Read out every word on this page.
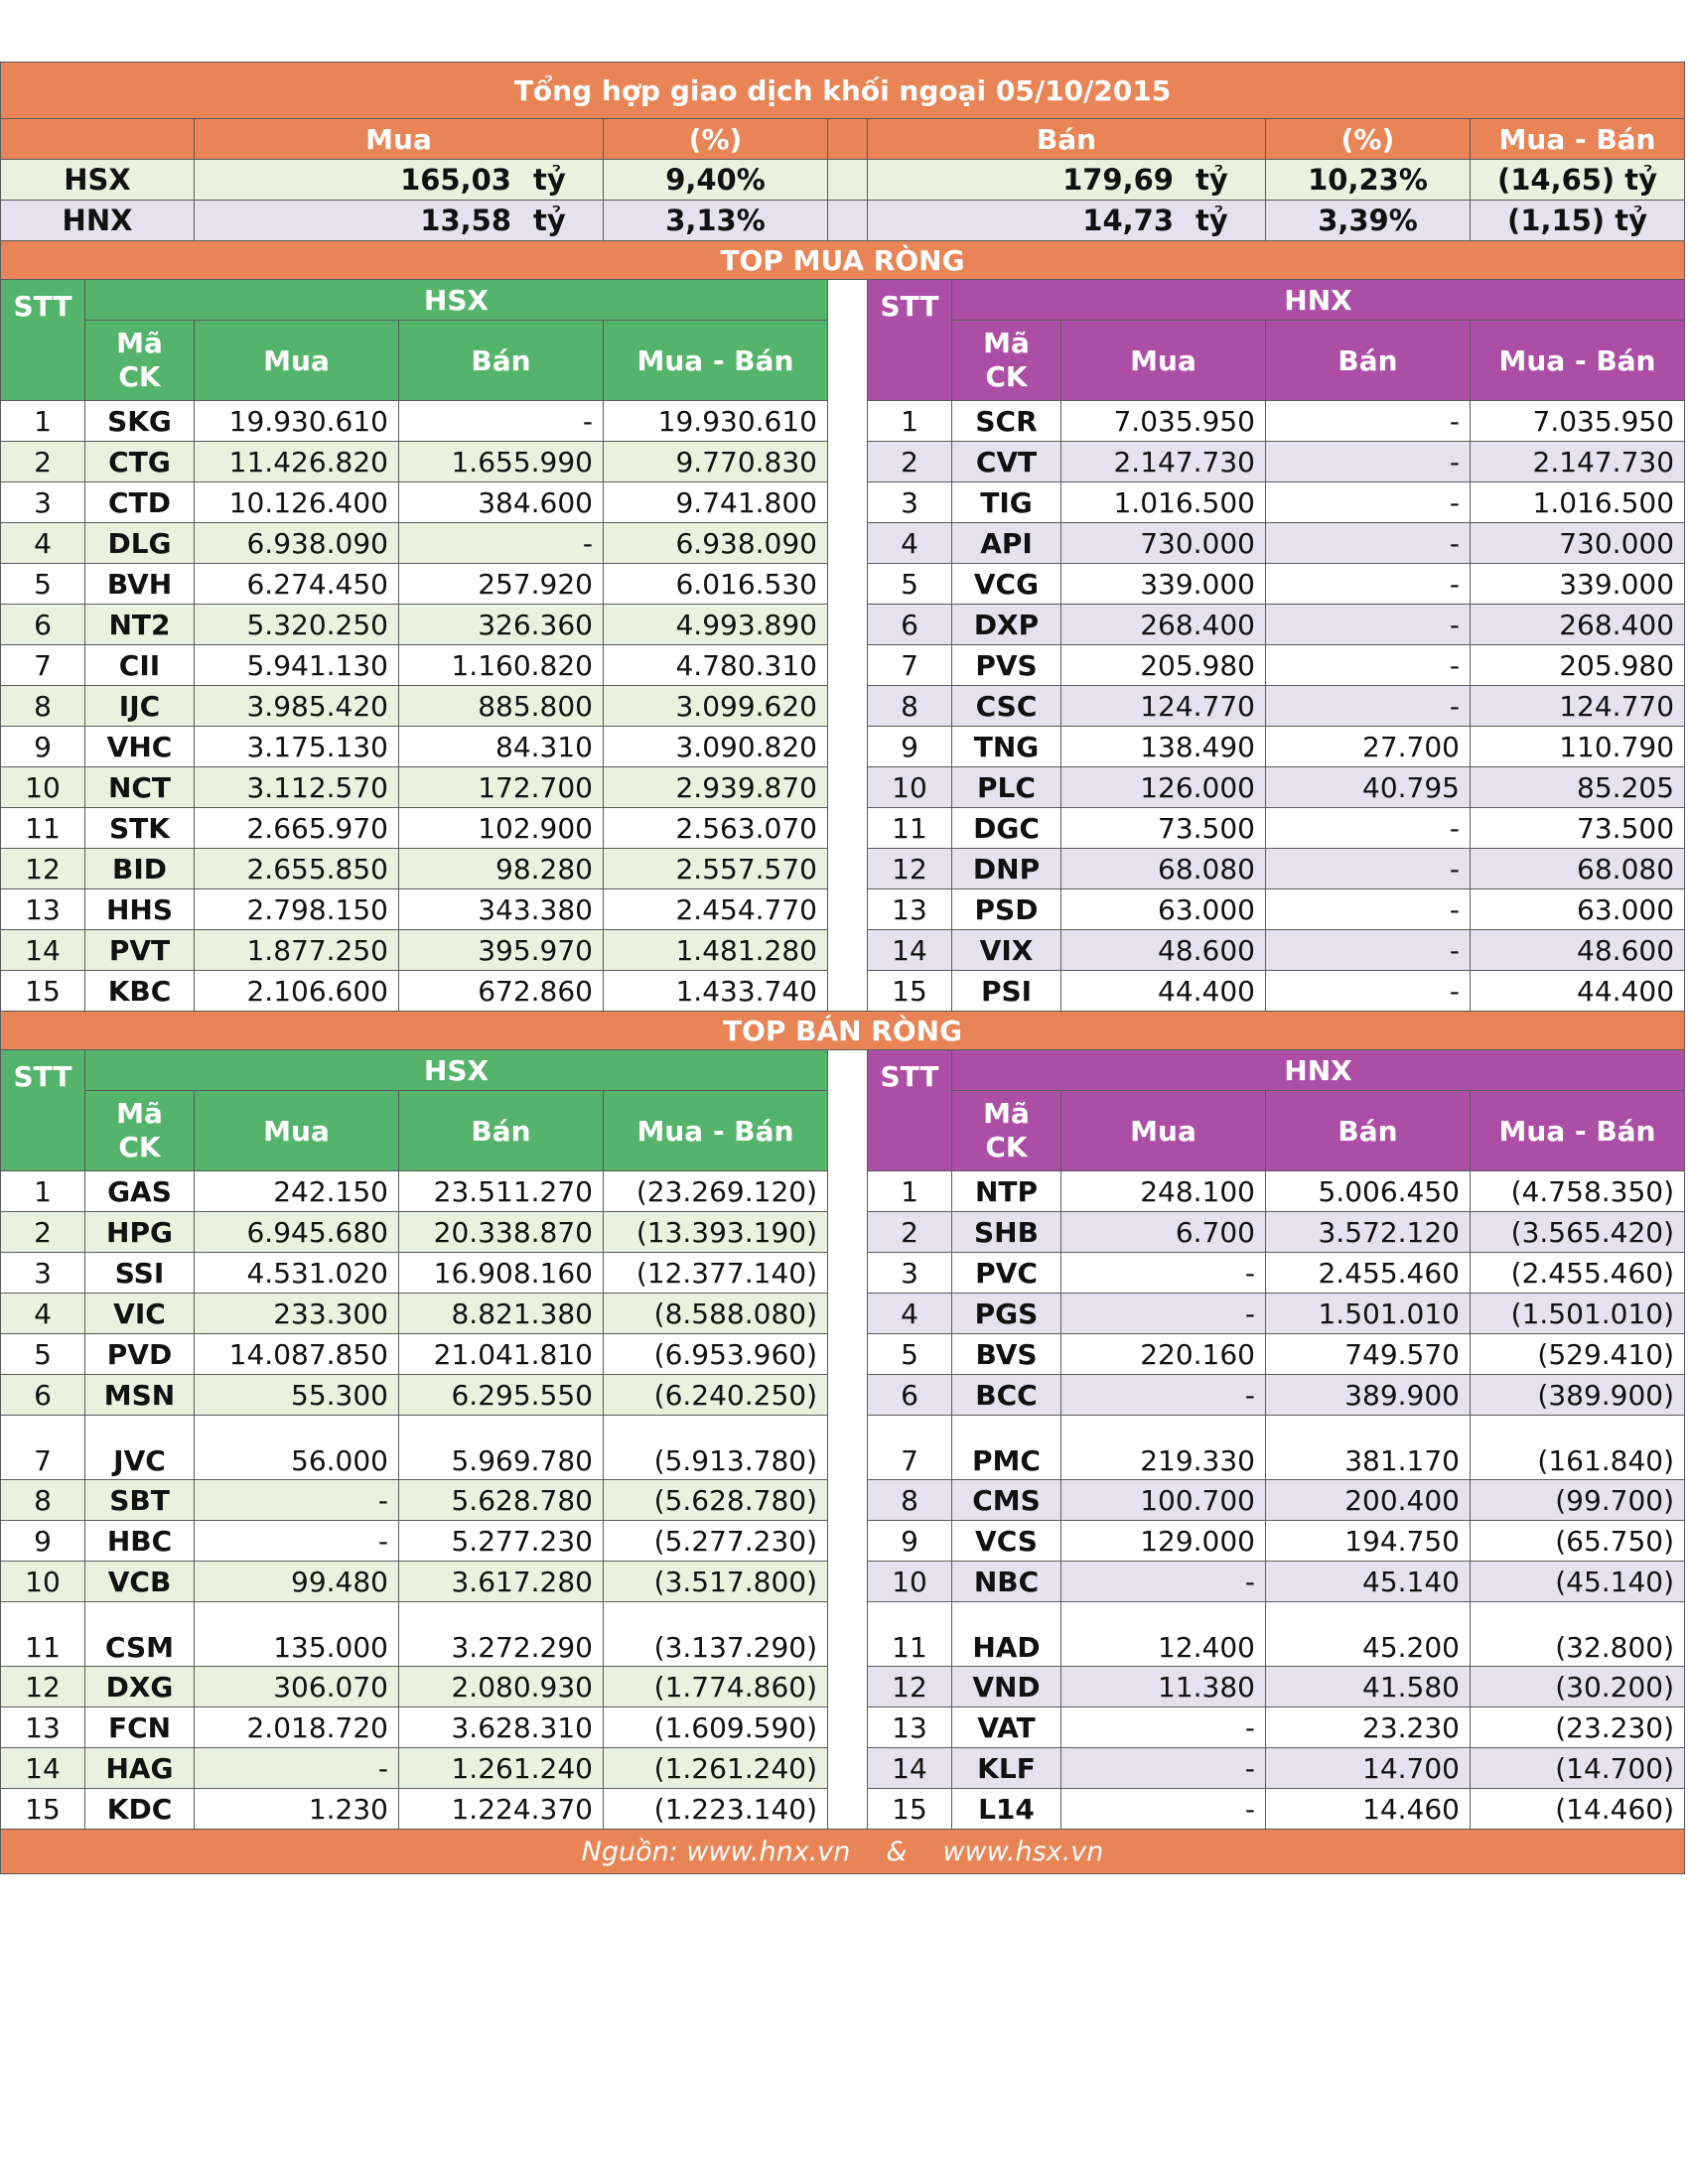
Tổng hợp giao dịch khối ngoại 05/10/2015										
		Mua		(%)		Bán			(%)	Mua - Bán
HSX		165,03 tỷ		9,40%		179,69 tỷ			10,23%	(14,65) tỷ
HNX		13,58 tỷ		3,13%		14,73 tỷ			3,39%	(1,15) tỷ
TOP MUA RÒNG										
STT	HSX					STT	HNX			
	Mã CK	Mua	Bán	Mua - Bán			Mã CK	Mua	Bán	Mua - Bán
1	SKG	19.930.610	-	19.930.610		1	SCR	7.035.950	-	7.035.950
2	CTG	11.426.820	1.655.990	9.770.830		2	CVT	2.147.730	-	2.147.730
3	CTD	10.126.400	384.600	9.741.800		3	TIG	1.016.500	-	1.016.500
4	DLG	6.938.090	-	6.938.090		4	API	730.000	-	730.000
5	BVH	6.274.450	257.920	6.016.530		5	VCG	339.000	-	339.000
6	NT2	5.320.250	326.360	4.993.890		6	DXP	268.400	-	268.400
7	CII	5.941.130	1.160.820	4.780.310		7	PVS	205.980	-	205.980
8	IJC	3.985.420	885.800	3.099.620		8	CSC	124.770	-	124.770
9	VHC	3.175.130	84.310	3.090.820		9	TNG	138.490	27.700	110.790
10	NCT	3.112.570	172.700	2.939.870		10	PLC	126.000	40.795	85.205
11	STK	2.665.970	102.900	2.563.070		11	DGC	73.500	-	73.500
12	BID	2.655.850	98.280	2.557.570		12	DNP	68.080	-	68.080
13	HHS	2.798.150	343.380	2.454.770		13	PSD	63.000	-	63.000
14	PVT	1.877.250	395.970	1.481.280		14	VIX	48.600	-	48.600
15	KBC	2.106.600	672.860	1.433.740		15	PSI	44.400	-	44.400
TOP BÁN RÒNG										
STT	HSX					STT	HNX			
	Mã CK	Mua	Bán	Mua - Bán			Mã CK	Mua	Bán	Mua - Bán
1	GAS	242.150	23.511.270	(23.269.120)		1	NTP	248.100	5.006.450	(4.758.350)
2	HPG	6.945.680	20.338.870	(13.393.190)		2	SHB	6.700	3.572.120	(3.565.420)
3	SSI	4.531.020	16.908.160	(12.377.140)		3	PVC	-	2.455.460	(2.455.460)
4	VIC	233.300	8.821.380	(8.588.080)		4	PGS	-	1.501.010	(1.501.010)
5	PVD	14.087.850	21.041.810	(6.953.960)		5	BVS	220.160	749.570	(529.410)
6	MSN	55.300	6.295.550	(6.240.250)		6	BCC	-	389.900	(389.900)
7	JVC	56.000	5.969.780	(5.913.780)		7	PMC	219.330	381.170	(161.840)
8	SBT	-	5.628.780	(5.628.780)		8	CMS	100.700	200.400	(99.700)
9	HBC	-	5.277.230	(5.277.230)		9	VCS	129.000	194.750	(65.750)
10	VCB	99.480	3.617.280	(3.517.800)		10	NBC	-	45.140	(45.140)
11	CSM	135.000	3.272.290	(3.137.290)		11	HAD	12.400	45.200	(32.800)
12	DXG	306.070	2.080.930	(1.774.860)		12	VND	11.380	41.580	(30.200)
13	FCN	2.018.720	3.628.310	(1.609.590)		13	VAT	-	23.230	(23.230)
14	HAG	-	1.261.240	(1.261.240)		14	KLF	-	14.700	(14.700)
15	KDC	1.230	1.224.370	(1.223.140)		15	L14	-	14.460	(14.460)
Nguồn: www.hnx.vn & www.hsx.vn										
